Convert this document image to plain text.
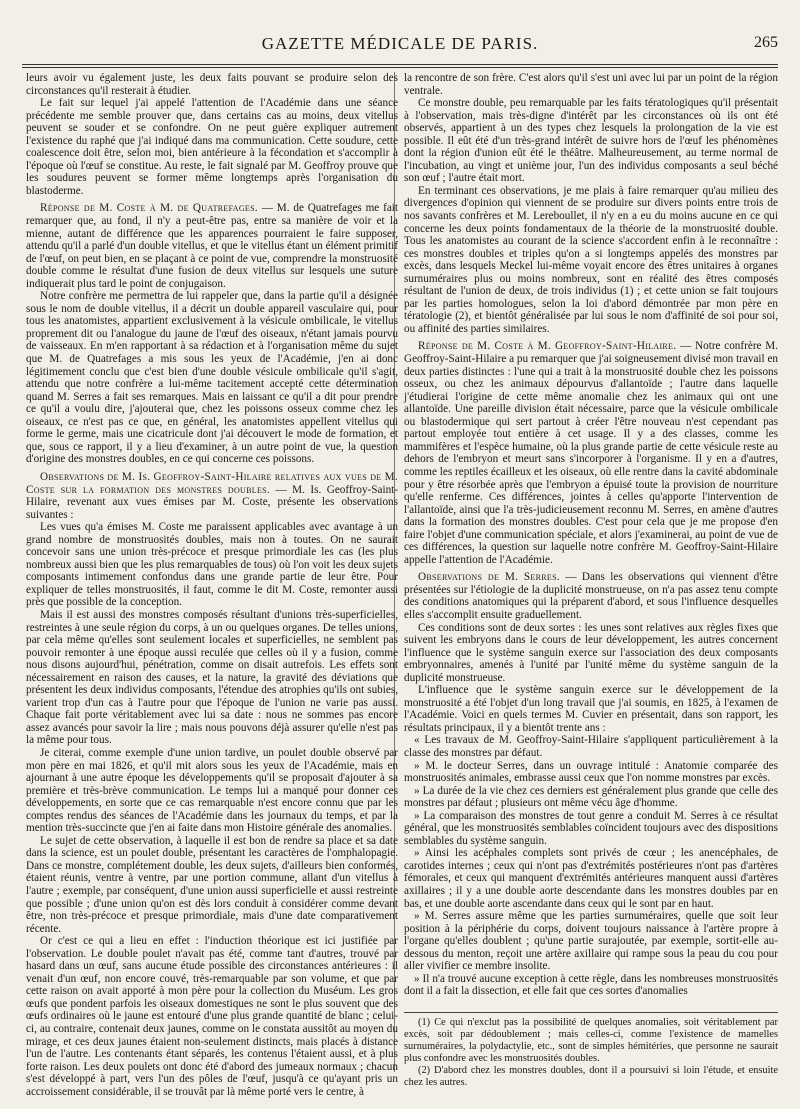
GAZETTE MÉDICALE DE PARIS.	265

leurs avoir vu également juste, les deux faits pouvant se produire selon des circonstances qu'il resterait à étudier.

Le fait sur lequel j'ai appelé l'attention de l'Académie dans une séance précédente me semble prouver que, dans certains cas au moins, deux vitellus peuvent se souder et se confondre. On ne peut guère expliquer autrement l'existence du raphé que j'ai indiqué dans ma communication. Cette soudure, cette coalescence doit être, selon moi, bien antérieure à la fécondation et s'accomplir à l'époque où l'œuf se constitue. Au reste, le fait signalé par M. Geoffroy prouve que les soudures peuvent se former même longtemps après l'organisation du blastoderme.

Réponse de M. Coste à M. de Quatrefages. — M. de Quatrefages me fait remarquer que, au fond, il n'y a peut-être pas, entre sa manière de voir et la mienne, autant de différence que les apparences pourraient le faire supposer, attendu qu'il a parlé d'un double vitellus, et que le vitellus étant un élément primitif de l'œuf, on peut bien, en se plaçant à ce point de vue, comprendre la monstruosité double comme le résultat d'une fusion de deux vitellus sur lesquels une suture indiquerait plus tard le point de conjugaison.

Notre confrère me permettra de lui rappeler que, dans la partie qu'il a désignée sous le nom de double vitellus, il a décrit un double appareil vasculaire qui, pour tous les anatomistes, appartient exclusivement à la vésicule ombilicale, le vitellus proprement dit ou l'analogue du jaune de l'œuf des oiseaux, n'étant jamais pourvu de vaisseaux. En m'en rapportant à sa rédaction et à l'organisation même du sujet que M. de Quatrefages a mis sous les yeux de l'Académie, j'en ai donc légitimement conclu que c'est bien d'une double vésicule ombilicale qu'il s'agit, attendu que notre confrère a lui-même tacitement accepté cette détermination quand M. Serres a fait ses remarques. Mais en laissant ce qu'il a dit pour prendre ce qu'il a voulu dire, j'ajouterai que, chez les poissons osseux comme chez les oiseaux, ce n'est pas ce que, en général, les anatomistes appellent vitellus qui forme le germe, mais une cicatricule dont j'ai découvert le mode de formation, et que, sous ce rapport, il y a lieu d'examiner, à un autre point de vue, la question d'origine des monstres doubles, en ce qui concerne ces poissons.

Observations de M. Is. Geoffroy-Saint-Hilaire relatives aux vues de M. Coste sur la formation des monstres doubles. — M. Is. Geoffroy-Saint-Hilaire, revenant aux vues émises par M. Coste, présente les observations suivantes :

Les vues qu'a émises M. Coste me paraissent applicables avec avantage à un grand nombre de monstruosités doubles, mais non à toutes. On ne saurait concevoir sans une union très-précoce et presque primordiale les cas (les plus nombreux aussi bien que les plus remarquables de tous) où l'on voit les deux sujets composants intimement confondus dans une grande partie de leur être. Pour expliquer de telles monstruosités, il faut, comme le dit M. Coste, remonter aussi près que possible de la conception.

Mais il est aussi des monstres composés résultant d'unions très-superficielles, restreintes à une seule région du corps, à un ou quelques organes. De telles unions, par cela même qu'elles sont seulement locales et superficielles, ne semblent pas pouvoir remonter à une époque aussi reculée que celles où il y a fusion, comme nous disons aujourd'hui, pénétration, comme on disait autrefois. Les effets sont nécessairement en raison des causes, et la nature, la gravité des déviations que présentent les deux individus composants, l'étendue des atrophies qu'ils ont subies, varient trop d'un cas à l'autre pour que l'époque de l'union ne varie pas aussi. Chaque fait porte véritablement avec lui sa date : nous ne sommes pas encore assez avancés pour savoir la lire ; mais nous pouvons déjà assurer qu'elle n'est pas la même pour tous.

Je citerai, comme exemple d'une union tardive, un poulet double observé par mon père en mai 1826, et qu'il mit alors sous les yeux de l'Académie, mais en ajournant à une autre époque les développements qu'il se proposait d'ajouter à sa première et très-brève communication. Le temps lui a manqué pour donner ces développements, en sorte que ce cas remarquable n'est encore connu que par les comptes rendus des séances de l'Académie dans les journaux du temps, et par la mention très-succincte que j'en ai faite dans mon Histoire générale des anomalies.

Le sujet de cette observation, à laquelle il est bon de rendre sa place et sa date dans la science, est un poulet double, présentant les caractères de l'omphalopagie. Dans ce monstre, complétement double, les deux sujets, d'ailleurs bien conformés, étaient réunis, ventre à ventre, par une portion commune, allant d'un vitellus à l'autre ; exemple, par conséquent, d'une union aussi superficielle et aussi restreinte que possible ; d'une union qu'on est dès lors conduit à considérer comme devant être, non très-précoce et presque primordiale, mais d'une date comparativement récente.

Or c'est ce qui a lieu en effet : l'induction théorique est ici justifiée par l'observation. Le double poulet n'avait pas été, comme tant d'autres, trouvé par hasard dans un œuf, sans aucune étude possible des circonstances antérieures : il venait d'un œuf, non encore couvé, très-remarquable par son volume, et que par cette raison on avait apporté à mon père pour la collection du Muséum. Les gros œufs que pondent parfois les oiseaux domestiques ne sont le plus souvent que des œufs ordinaires où le jaune est entouré d'une plus grande quantité de blanc ; celui-ci, au contraire, contenait deux jaunes, comme on le constata aussitôt au moyen du mirage, et ces deux jaunes étaient non-seulement distincts, mais placés à distance l'un de l'autre. Les contenants étant séparés, les contenus l'étaient aussi, et à plus forte raison. Les deux poulets ont donc été d'abord des jumeaux normaux ; chacun s'est développé à part, vers l'un des pôles de l'œuf, jusqu'à ce qu'ayant pris un accroissement considérable, il se trouvât par là même porté vers le centre, à

la rencontre de son frère. C'est alors qu'il s'est uni avec lui par un point de la région ventrale.

Ce monstre double, peu remarquable par les faits tératologiques qu'il présentait à l'observation, mais très-digne d'intérêt par les circonstances où ils ont été observés, appartient à un des types chez lesquels la prolongation de la vie est possible. Il eût été d'un très-grand intérêt de suivre hors de l'œuf les phénomènes dont la région d'union eût été le théâtre. Malheureusement, au terme normal de l'incubation, au vingt et unième jour, l'un des individus composants a seul béché son œuf ; l'autre était mort.

En terminant ces observations, je me plais à faire remarquer qu'au milieu des divergences d'opinion qui viennent de se produire sur divers points entre trois de nos savants confrères et M. Lereboullet, il n'y en a eu du moins aucune en ce qui concerne les deux points fondamentaux de la théorie de la monstruosité double. Tous les anatomistes au courant de la science s'accordent enfin à le reconnaître : ces monstres doubles et triples qu'on a si longtemps appelés des monstres par excès, dans lesquels Meckel lui-même voyait encore des êtres unitaires à organes surnuméraires plus ou moins nombreux, sont en réalité des êtres composés résultant de l'union de deux, de trois individus (1) ; et cette union se fait toujours par les parties homologues, selon la loi d'abord démontrée par mon père en tératologie (2), et bientôt généralisée par lui sous le nom d'affinité de soi pour soi, ou affinité des parties similaires.

Réponse de M. Coste à M. Geoffroy-Saint-Hilaire. — Notre confrère M. Geoffroy-Saint-Hilaire a pu remarquer que j'ai soigneusement divisé mon travail en deux parties distinctes : l'une qui a trait à la monstruosité double chez les poissons osseux, ou chez les animaux dépourvus d'allantoïde ; l'autre dans laquelle j'étudierai l'origine de cette même anomalie chez les animaux qui ont une allantoïde. Une pareille division était nécessaire, parce que la vésicule ombilicale ou blastodermique qui sert partout à créer l'être nouveau n'est cependant pas partout employée tout entière à cet usage. Il y a des classes, comme les mammifères et l'espèce humaine, où la plus grande partie de cette vésicule reste au dehors de l'embryon et meurt sans s'incorporer à l'organisme. Il y en a d'autres, comme les reptiles écailleux et les oiseaux, où elle rentre dans la cavité abdominale pour y être résorbée après que l'embryon a épuisé toute la provision de nourriture qu'elle renferme. Ces différences, jointes à celles qu'apporte l'intervention de l'allantoïde, ainsi que l'a très-judicieusement reconnu M. Serres, en amène d'autres dans la formation des monstres doubles. C'est pour cela que je me propose d'en faire l'objet d'une communication spéciale, et alors j'examinerai, au point de vue de ces différences, la question sur laquelle notre confrère M. Geoffroy-Saint-Hilaire appelle l'attention de l'Académie.

Observations de M. Serres. — Dans les observations qui viennent d'être présentées sur l'étiologie de la duplicité monstrueuse, on n'a pas assez tenu compte des conditions anatomiques qui la préparent d'abord, et sous l'influence desquelles elles s'accomplit ensuite graduellement.

Ces conditions sont de deux sortes : les unes sont relatives aux règles fixes que suivent les embryons dans le cours de leur développement, les autres concernent l'influence que le système sanguin exerce sur l'association des deux composants embryonnaires, amenés à l'unité par l'unité même du système sanguin de la duplicité monstrueuse.

L'influence que le système sanguin exerce sur le développement de la monstruosité a été l'objet d'un long travail que j'ai soumis, en 1825, à l'examen de l'Académie. Voici en quels termes M. Cuvier en présentait, dans son rapport, les résultats principaux, il y a bientôt trente ans :

« Les travaux de M. Geoffroy-Saint-Hilaire s'appliquent particulièrement à la classe des monstres par défaut.

» M. le docteur Serres, dans un ouvrage intitulé : Anatomie comparée des monstruosités animales, embrasse aussi ceux que l'on nomme monstres par excès.

» La durée de la vie chez ces derniers est généralement plus grande que celle des monstres par défaut ; plusieurs ont même vécu âge d'homme.

» La comparaison des monstres de tout genre a conduit M. Serres à ce résultat général, que les monstruosités semblables coïncident toujours avec des dispositions semblables du système sanguin.

» Ainsi les acéphales complets sont privés de cœur ; les anencéphales, de carotides internes ; ceux qui n'ont pas d'extrémités postérieures n'ont pas d'artères fémorales, et ceux qui manquent d'extrémités antérieures manquent aussi d'artères axillaires ; il y a une double aorte descendante dans les monstres doubles par en bas, et une double aorte ascendante dans ceux qui le sont par en haut.

» M. Serres assure même que les parties surnuméraires, quelle que soit leur position à la périphérie du corps, doivent toujours naissance à l'artère propre à l'organe qu'elles doublent ; qu'une partie surajoutée, par exemple, sortit-elle au-dessous du menton, reçoit une artère axillaire qui rampe sous la peau du cou pour aller vivifier ce membre insolite.

» Il n'a trouvé aucune exception à cette règle, dans les nombreuses monstruosités dont il a fait la dissection, et elle fait que ces sortes d'anomalies

(1) Ce qui n'exclut pas la possibilité de quelques anomalies, soit véritablement par excès, soit par dédoublement ; mais celles-ci, comme l'existence de mamelles surnuméraires, la polydactylie, etc., sont de simples hémitéries, que personne ne saurait plus confondre avec les monstruosités doubles.

(2) D'abord chez les monstres doubles, dont il a poursuivi si loin l'étude, et ensuite chez les autres.
